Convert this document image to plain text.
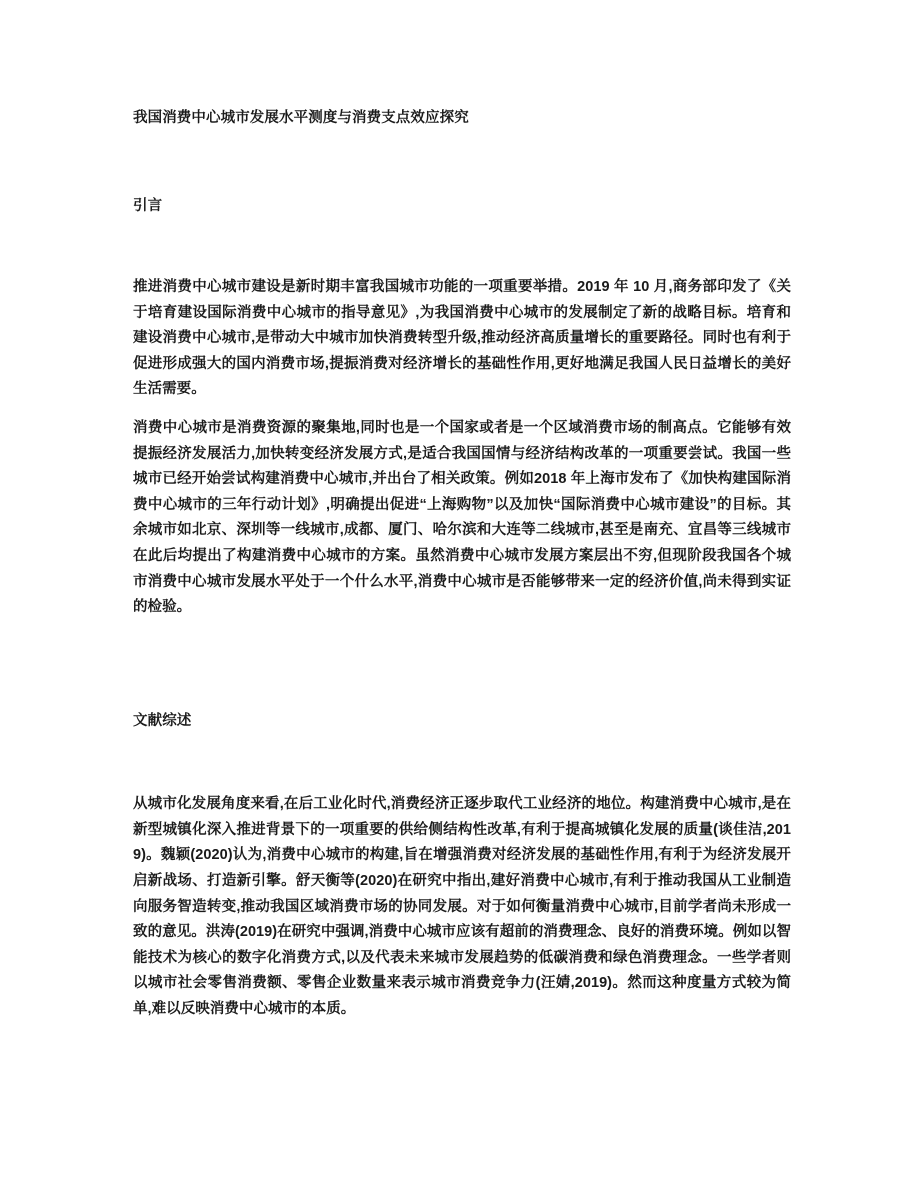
我国消费中心城市发展水平测度与消费支点效应探究
引言

推进消费中心城市建设是新时期丰富我国城市功能的一项重要举措。2019 年 10 月,商务部印发了《关于培育建设国际消费中心城市的指导意见》,为我国消费中心城市的发展制定了新的战略目标。培育和建设消费中心城市,是带动大中城市加快消费转型升级,推动经济高质量增长的重要路径。同时也有利于促进形成强大的国内消费市场,提振消费对经济增长的基础性作用,更好地满足我国人民日益增长的美好生活需要。

消费中心城市是消费资源的聚集地,同时也是一个国家或者是一个区域消费市场的制高点。它能够有效提振经济发展活力,加快转变经济发展方式,是适合我国国情与经济结构改革的一项重要尝试。我国一些城市已经开始尝试构建消费中心城市,并出台了相关政策。例如2018 年上海市发布了《加快构建国际消费中心城市的三年行动计划》,明确提出促进“上海购物”以及加快“国际消费中心城市建设”的目标。其余城市如北京、深圳等一线城市,成都、厦门、哈尔滨和大连等二线城市,甚至是南充、宜昌等三线城市在此后均提出了构建消费中心城市的方案。虽然消费中心城市发展方案层出不穷,但现阶段我国各个城市消费中心城市发展水平处于一个什么水平,消费中心城市是否能够带来一定的经济价值,尚未得到实证的检验。

文献综述

从城市化发展角度来看,在后工业化时代,消费经济正逐步取代工业经济的地位。构建消费中心城市,是在新型城镇化深入推进背景下的一项重要的供给侧结构性改革,有利于提高城镇化发展的质量(谈佳洁,2019)。魏颖(2020)认为,消费中心城市的构建,旨在增强消费对经济发展的基础性作用,有利于为经济发展开启新战场、打造新引擎。舒天衡等(2020)在研究中指出,建好消费中心城市,有利于推动我国从工业制造向服务智造转变,推动我国区域消费市场的协同发展。对于如何衡量消费中心城市,目前学者尚未形成一致的意见。洪涛(2019)在研究中强调,消费中心城市应该有超前的消费理念、良好的消费环境。例如以智能技术为核心的数字化消费方式,以及代表未来城市发展趋势的低碳消费和绿色消费理念。一些学者则以城市社会零售消费额、零售企业数量来表示城市消费竞争力(汪婧,2019)。然而这种度量方式较为简单,难以反映消费中心城市的本质。
